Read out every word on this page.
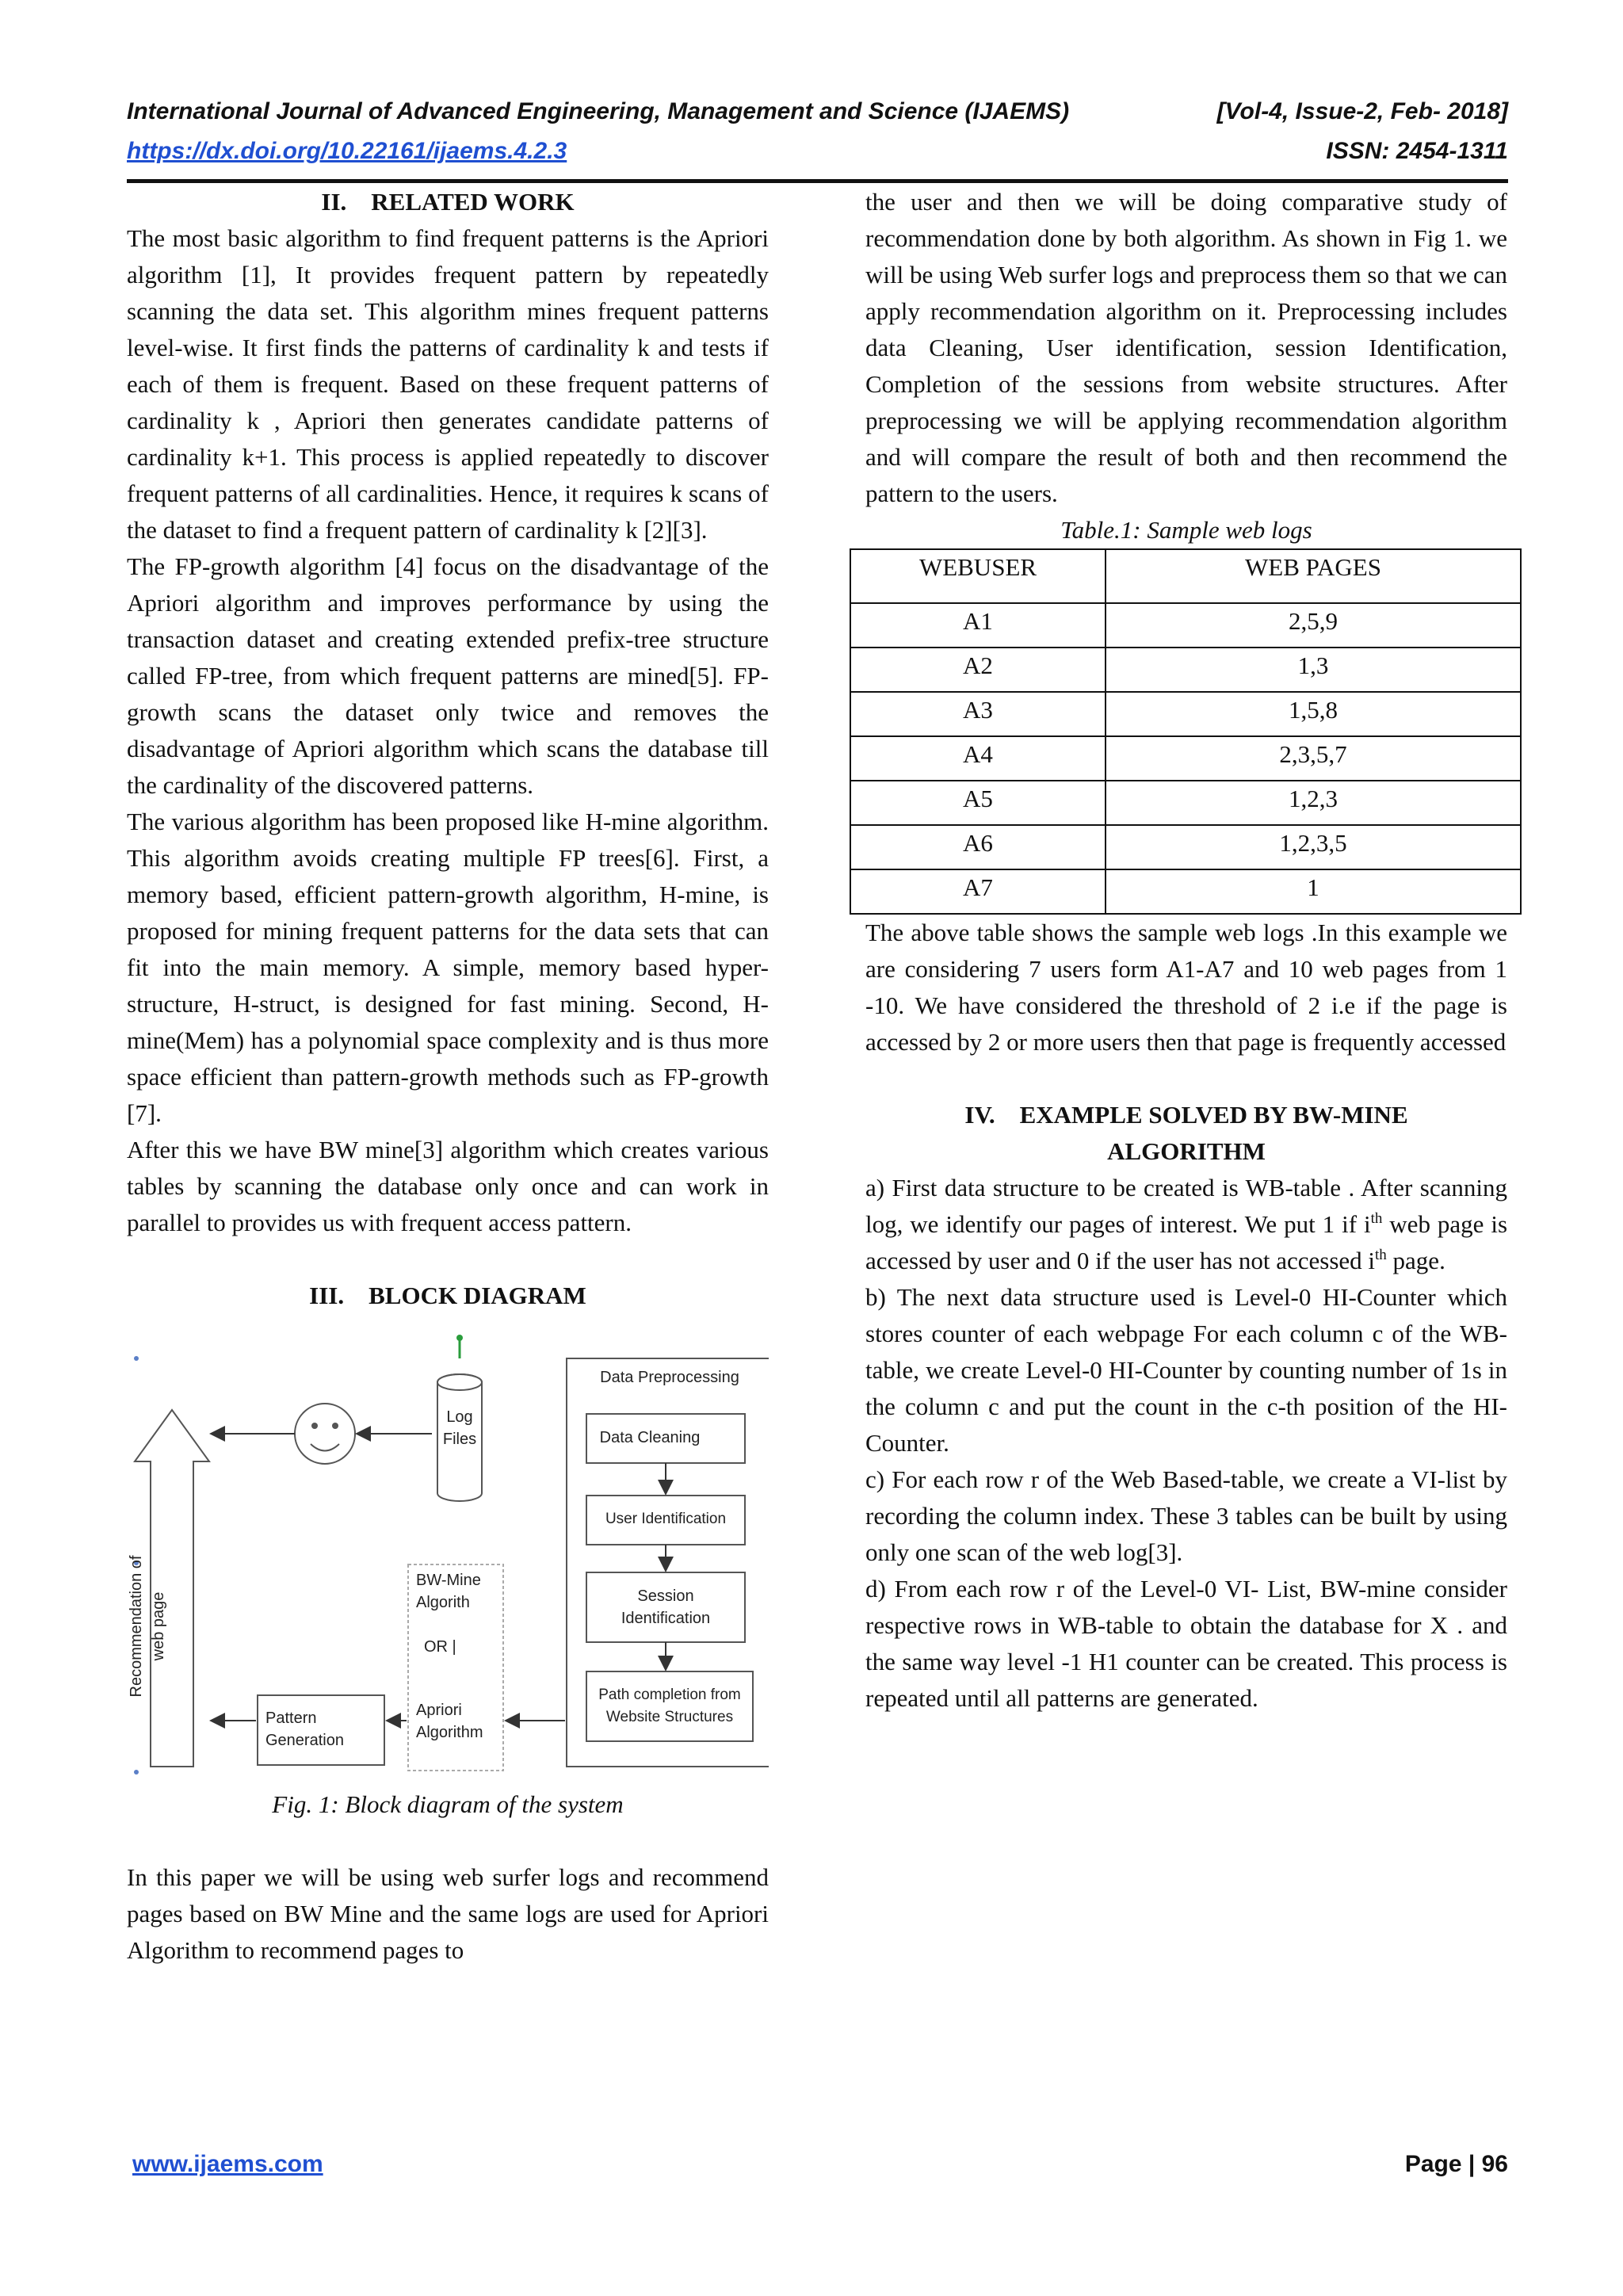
International Journal of Advanced Engineering, Management and Science (IJAEMS)	[Vol-4, Issue-2, Feb- 2018]
https://dx.doi.org/10.22161/ijaems.4.2.3	ISSN: 2454-1311

II. RELATED WORK

The most basic algorithm to find frequent patterns is the Apriori algorithm [1], It provides frequent pattern by repeatedly scanning the data set. This algorithm mines frequent patterns level-wise. It first finds the patterns of cardinality k and tests if each of them is frequent. Based on these frequent patterns of cardinality k , Apriori then generates candidate patterns of cardinality k+1. This process is applied repeatedly to discover frequent patterns of all cardinalities. Hence, it requires k scans of the dataset to find a frequent pattern of cardinality k [2][3].

The FP-growth algorithm [4] focus on the disadvantage of the Apriori algorithm and improves performance by using the transaction dataset and creating extended prefix-tree structure called FP-tree, from which frequent patterns are mined[5]. FP-growth scans the dataset only twice and removes the disadvantage of Apriori algorithm which scans the database till the cardinality of the discovered patterns.

The various algorithm has been proposed like H-mine algorithm. This algorithm avoids creating multiple FP trees[6]. First, a memory based, efficient pattern-growth algorithm, H-mine, is proposed for mining frequent patterns for the data sets that can fit into the main memory. A simple, memory based hyper-structure, H-struct, is designed for fast mining. Second, H-mine(Mem) has a polynomial space complexity and is thus more space efficient than pattern-growth methods such as FP-growth [7].

After this we have BW mine[3] algorithm which creates various tables by scanning the database only once and can work in parallel to provides us with frequent access pattern.

III. BLOCK DIAGRAM

Recommendation of web page
Log
Files
Data Preprocessing
Data Cleaning
User Identification
Session
Identification
Path completion from
Website Structures
BW-Mine
Algorith
OR |
Apriori
Algorithm
Pattern
Generation

Fig. 1: Block diagram of the system

In this paper we will be using web surfer logs and recommend pages based on BW Mine and the same logs are used for Apriori Algorithm to recommend pages to

the user and then we will be doing comparative study of recommendation done by both algorithm. As shown in Fig 1. we will be using Web surfer logs and preprocess them so that we can apply recommendation algorithm on it. Preprocessing includes data Cleaning, User identification, session Identification, Completion of the sessions from website structures. After preprocessing we will be applying recommendation algorithm and will compare the result of both and then recommend the pattern to the users.

Table.1: Sample web logs

WEBUSER	WEB PAGES
A1	2,5,9
A2	1,3
A3	1,5,8
A4	2,3,5,7
A5	1,2,3
A6	1,2,3,5
A7	1

The above table shows the sample web logs .In this example we are considering 7 users form A1-A7 and 10 web pages from 1 -10. We have considered the threshold of 2 i.e if the page is accessed by 2 or more users then that page is frequently accessed

IV. EXAMPLE SOLVED BY BW-MINE

ALGORITHM

a) First data structure to be created is WB-table . After scanning log, we identify our pages of interest. We put 1 if $i^{th}$ web page is accessed by user and 0 if the user has not accessed $i^{th}$ page.

b) The next data structure used is Level-0 HI-Counter which stores counter of each webpage For each column c of the WB-table, we create Level-0 HI-Counter by counting number of 1s in the column c and put the count in the c-th position of the HI-Counter.

c) For each row r of the Web Based-table, we create a VI-list by recording the column index. These 3 tables can be built by using only one scan of the web log[3].

d) From each row r of the Level-0 VI- List, BW-mine consider respective rows in WB-table to obtain the database for X . and the same way level -1 H1 counter can be created. This process is repeated until all patterns are generated.

www.ijaems.com	Page | 96
